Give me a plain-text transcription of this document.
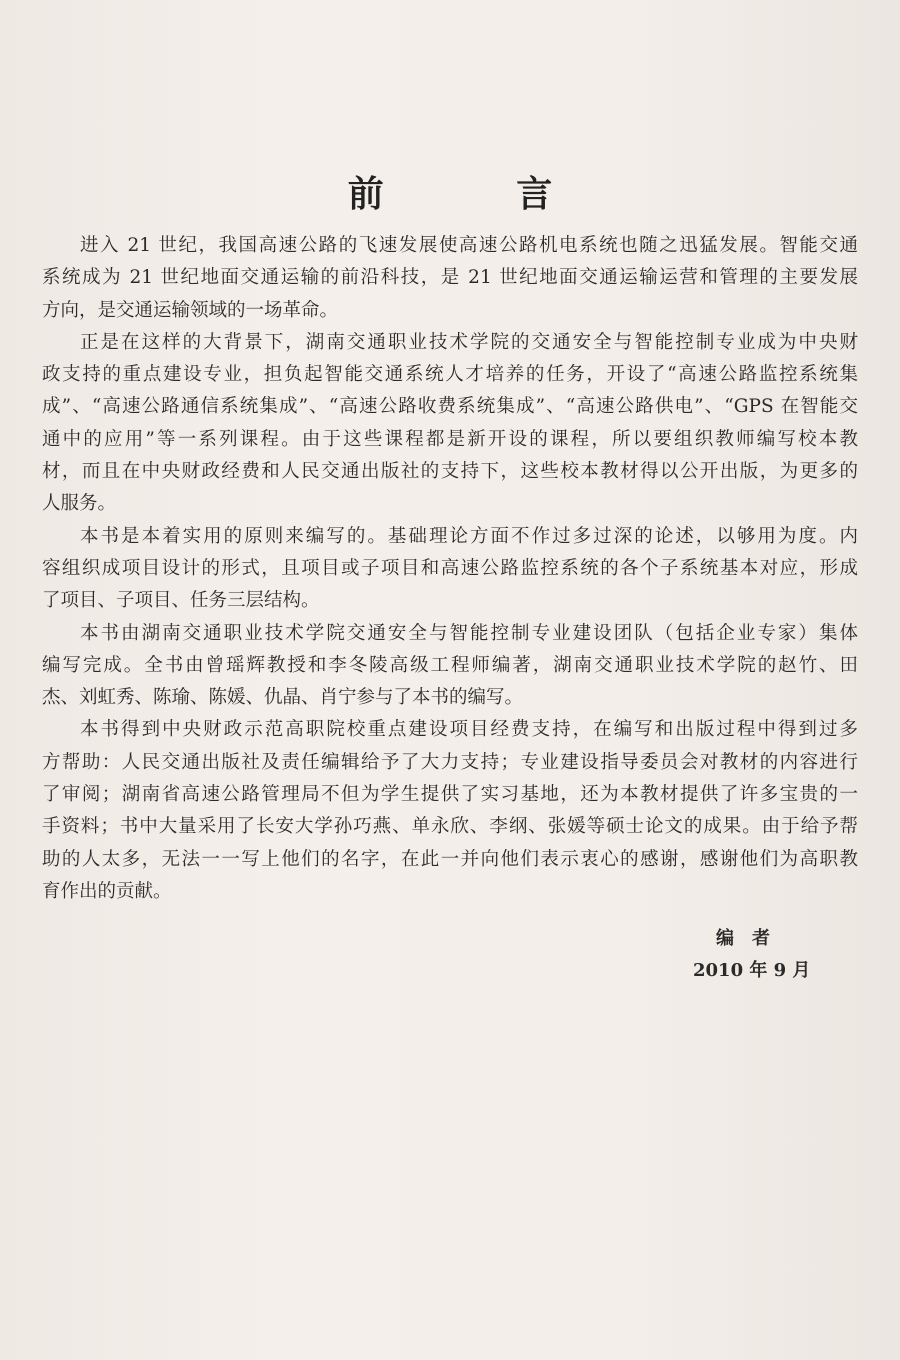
前 言
进入 21 世纪，我国高速公路的飞速发展使高速公路机电系统也随之迅猛发展。智能交通
系统成为 21 世纪地面交通运输的前沿科技，是 21 世纪地面交通运输运营和管理的主要发展
方向，是交通运输领域的一场革命。
正是在这样的大背景下，湖南交通职业技术学院的交通安全与智能控制专业成为中央财
政支持的重点建设专业，担负起智能交通系统人才培养的任务，开设了“高速公路监控系统集
成”、“高速公路通信系统集成”、“高速公路收费系统集成”、“高速公路供电”、“GPS 在智能交
通中的应用”等一系列课程。由于这些课程都是新开设的课程，所以要组织教师编写校本教
材，而且在中央财政经费和人民交通出版社的支持下，这些校本教材得以公开出版，为更多的
人服务。
本书是本着实用的原则来编写的。基础理论方面不作过多过深的论述，以够用为度。内
容组织成项目设计的形式，且项目或子项目和高速公路监控系统的各个子系统基本对应，形成
了项目、子项目、任务三层结构。
本书由湖南交通职业技术学院交通安全与智能控制专业建设团队（包括企业专家）集体
编写完成。全书由曾瑶辉教授和李冬陵高级工程师编著，湖南交通职业技术学院的赵竹、田
杰、刘虹秀、陈瑜、陈媛、仇晶、肖宁参与了本书的编写。
本书得到中央财政示范高职院校重点建设项目经费支持，在编写和出版过程中得到过多
方帮助：人民交通出版社及责任编辑给予了大力支持；专业建设指导委员会对教材的内容进行
了审阅；湖南省高速公路管理局不但为学生提供了实习基地，还为本教材提供了许多宝贵的一
手资料；书中大量采用了长安大学孙巧燕、单永欣、李纲、张媛等硕士论文的成果。由于给予帮
助的人太多，无法一一写上他们的名字，在此一并向他们表示衷心的感谢，感谢他们为高职教
育作出的贡献。
编者
2010 年 9 月
